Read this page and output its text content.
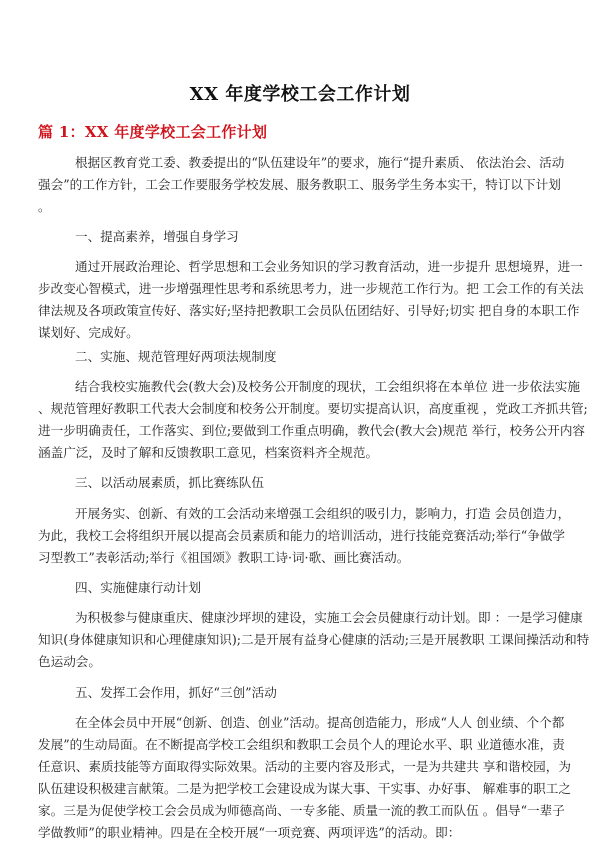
XX 年度学校工会工作计划
篇 1：XX 年度学校工会工作计划
根据区教育党工委、教委提出的“队伍建设年”的要求，施行“提升素质、 依法治会、活动
强会”的工作方针，工会工作要服务学校发展、服务教职工、服务学生务本实干，特订以下计划
。
一、提高素养，增强自身学习
通过开展政治理论、哲学思想和工会业务知识的学习教育活动，进一步提升 思想境界，进一
步改变心智模式，进一步增强理性思考和系统思考力，进一步规范工作行为。把 工会工作的有关法
律法规及各项政策宣传好、落实好;坚持把教职工会员队伍团结好、引导好;切实 把自身的本职工作
谋划好、完成好。
二、实施、规范管理好两项法规制度
结合我校实施教代会(教大会)及校务公开制度的现状，工会组织将在本单位 进一步依法实施
、规范管理好教职工代表大会制度和校务公开制度。要切实提高认识，高度重视 ，党政工齐抓共管;
进一步明确责任，工作落实、到位;要做到工作重点明确，教代会(教大会)规范 举行，校务公开内容
涵盖广泛，及时了解和反馈教职工意见，档案资料齐全规范。
三、以活动展素质，抓比赛练队伍
开展务实、创新、有效的工会活动来增强工会组织的吸引力，影响力，打造 会员创造力，
为此，我校工会将组织开展以提高会员素质和能力的培训活动，进行技能竞赛活动;举行“争做学
习型教工”表彰活动;举行《祖国颂》教职工诗·词·歌、画比赛活动。
四、实施健康行动计划
为积极参与健康重庆、健康沙坪坝的建设，实施工会会员健康行动计划。即 ：一是学习健康
知识(身体健康知识和心理健康知识);二是开展有益身心健康的活动;三是开展教职 工课间操活动和特
色运动会。
五、发挥工会作用，抓好“三创”活动
在全体会员中开展“创新、创造、创业”活动。提高创造能力，形成“人人 创业绩、个个都
发展”的生动局面。在不断提高学校工会组织和教职工会员个人的理论水平、职 业道德水准，责
任意识、素质技能等方面取得实际效果。活动的主要内容及形式，一是为共建共 享和谐校园，为
队伍建设积极建言献策。二是为把学校工会建设成为谋大事、干实事、办好事、 解难事的职工之
家。三是为促使学校工会会员成为师德高尚、一专多能、质量一流的教工而队伍 。倡导“一辈子
学做教师”的职业精神。四是在全校开展“一项竞赛、两项评选”的活动。即：
